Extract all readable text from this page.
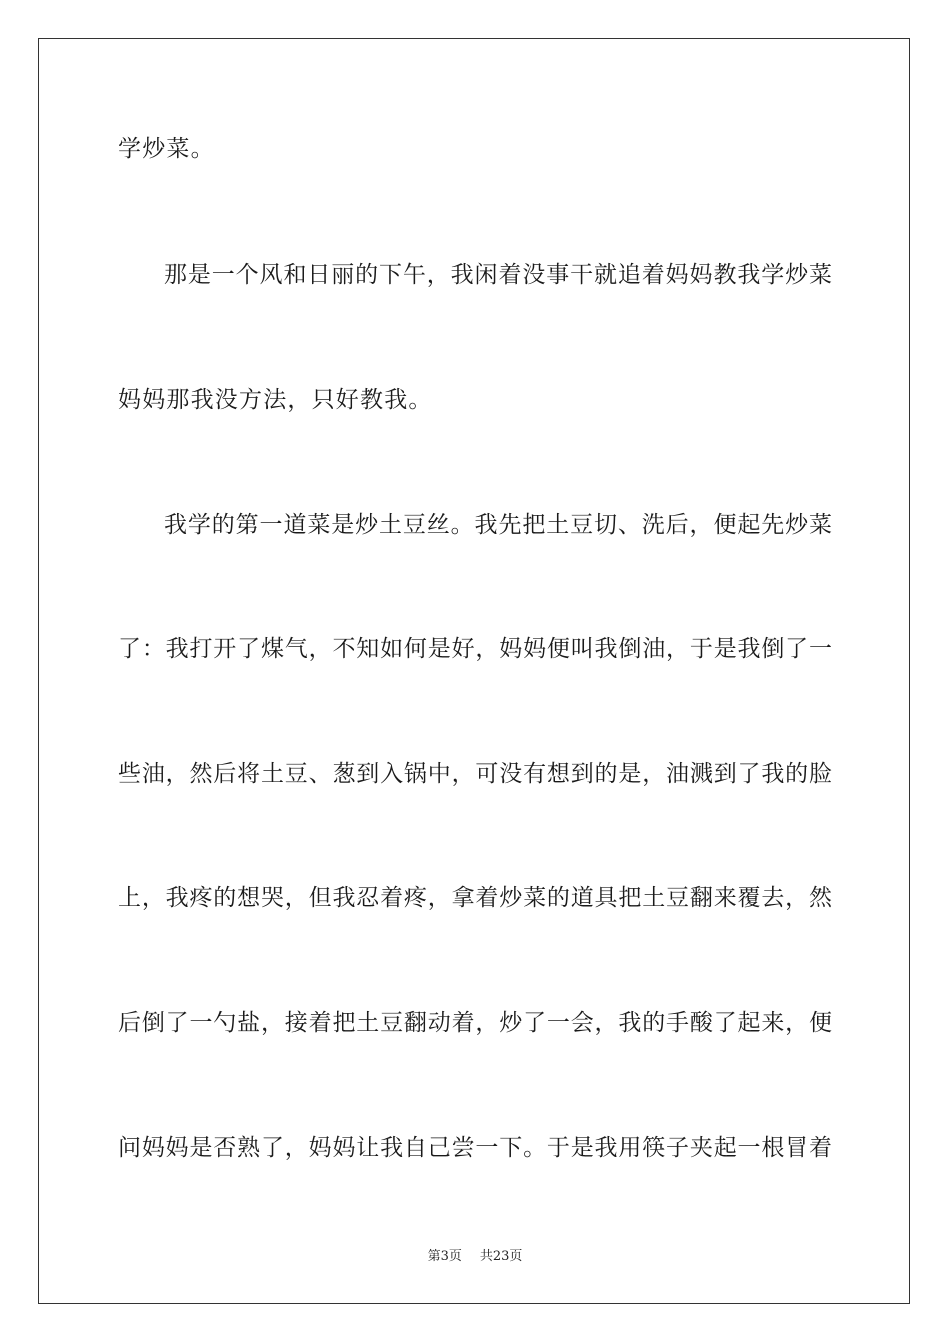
学炒菜。
那是一个风和日丽的下午，我闲着没事干就追着妈妈教我学炒菜
妈妈那我没方法，只好教我。
我学的第一道菜是炒土豆丝。我先把土豆切、洗后，便起先炒菜
了：我打开了煤气，不知如何是好，妈妈便叫我倒油，于是我倒了一
些油，然后将土豆、葱到入锅中，可没有想到的是，油溅到了我的脸
上，我疼的想哭，但我忍着疼，拿着炒菜的道具把土豆翻来覆去，然
后倒了一勺盐，接着把土豆翻动着，炒了一会，我的手酸了起来，便
问妈妈是否熟了，妈妈让我自己尝一下。于是我用筷子夹起一根冒着
第3页 共23页
